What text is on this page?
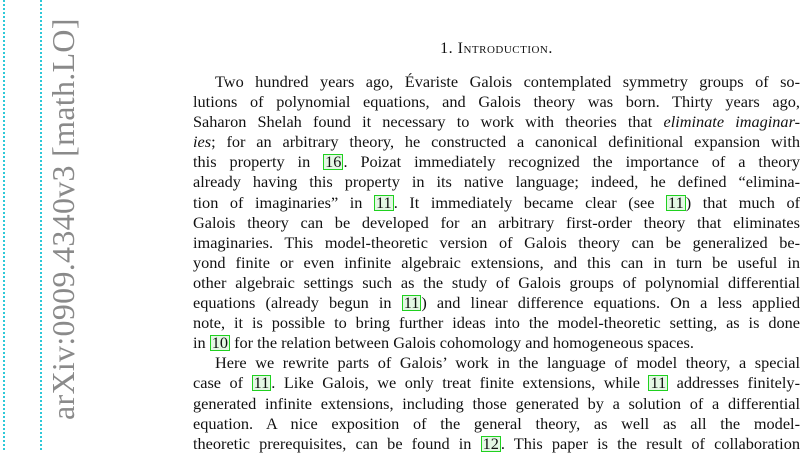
arXiv:0909.4340v3 [math.LO]	1. Introduction.
Two hundred years ago, Évariste Galois contemplated symmetry groups of so-
lutions of polynomial equations, and Galois theory was born. Thirty years ago,
Saharon Shelah found it necessary to work with theories that eliminate imaginar-
ies; for an arbitrary theory, he constructed a canonical definitional expansion with
this property in 16 . Poizat immediately recognized the importance of a theory
already having this property in its native language; indeed, he defined “elimina-
tion of imaginaries” in 11 . It immediately became clear (see 11 ) that much of
Galois theory can be developed for an arbitrary first-order theory that eliminates
imaginaries. This model-theoretic version of Galois theory can be generalized be-
yond finite or even infinite algebraic extensions, and this can in turn be useful in
other algebraic settings such as the study of Galois groups of polynomial differential
equations (already begun in 11 ) and linear difference equations. On a less applied
note, it is possible to bring further ideas into the model-theoretic setting, as is done
in 10 for the relation between Galois cohomology and homogeneous spaces.
Here we rewrite parts of Galois’ work in the language of model theory, a special
case of 11 . Like Galois, we only treat finite extensions, while 11 addresses finitely-
generated infinite extensions, including those generated by a solution of a differential
equation. A nice exposition of the general theory, as well as all the model-
theoretic prerequisites, can be found in 12 . This paper is the result of collaboration
